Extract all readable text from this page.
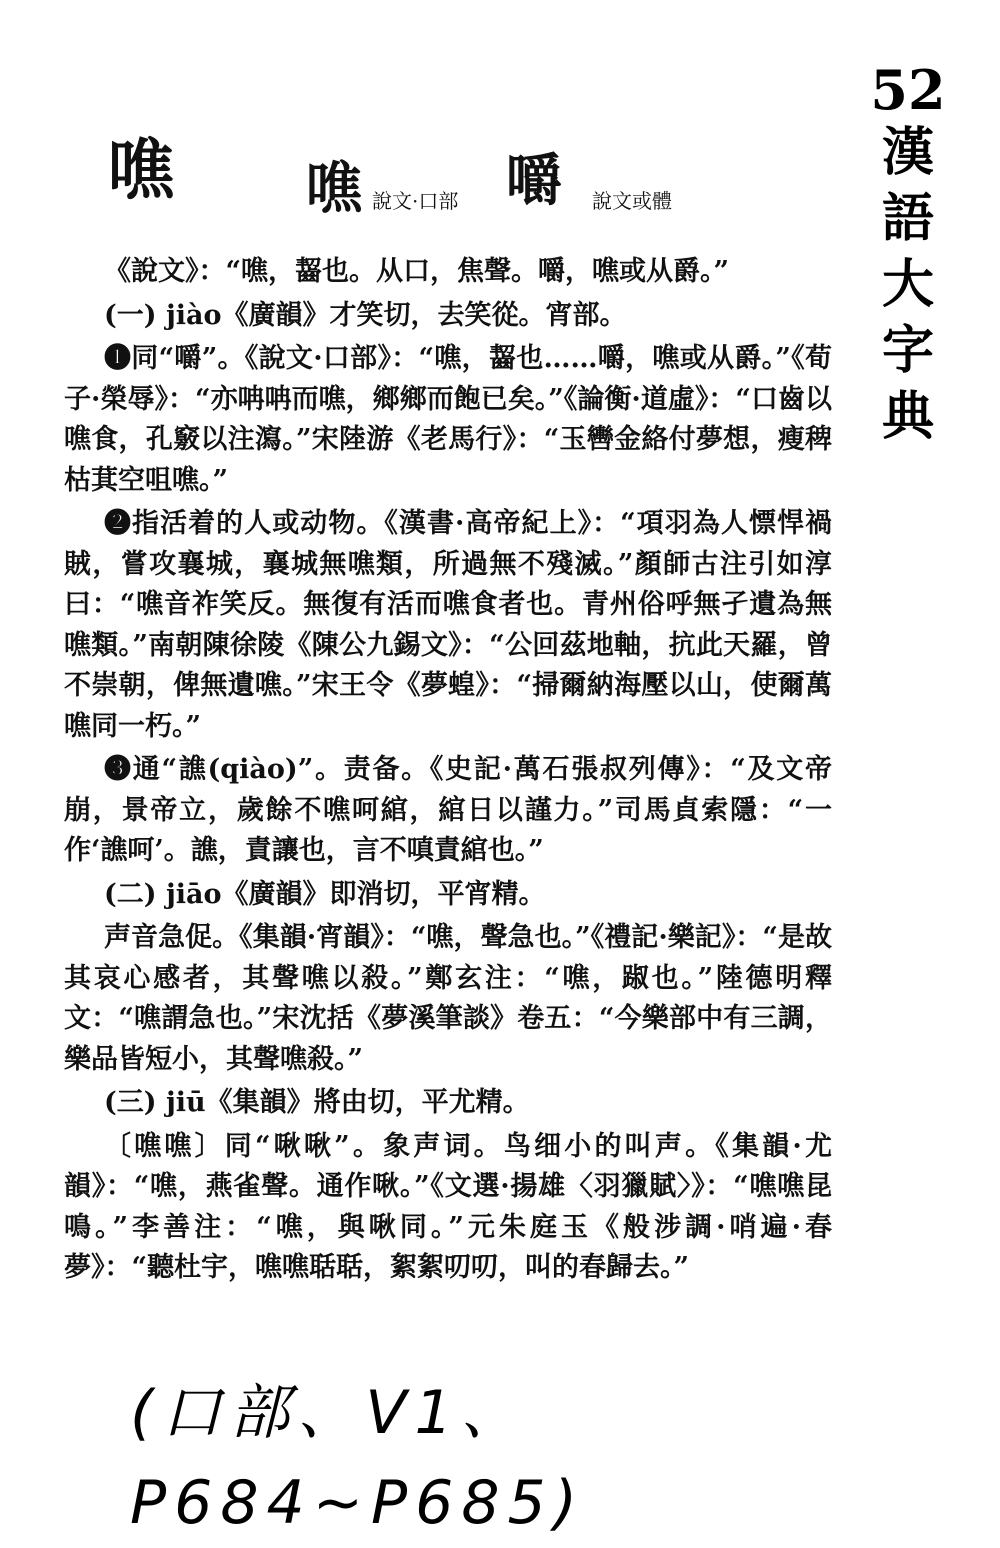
52
漢
語
大
字
典
噍 噍 說文·口部 嚼 說文或體

《說文》：“噍，齧也。从口，焦聲。嚼，噍或从爵。”

(一) jiào《廣韻》才笑切，去笑從。宵部。

❶同“嚼”。《說文·口部》：“噍，齧也……嚼，噍或从爵。”《荀子·榮辱》：“亦呥呥而噍，鄉鄉而飽已矣。”《論衡·道虛》：“口齒以噍食，孔竅以注瀉。”宋陸游《老馬行》：“玉轡金絡付夢想，瘦稗枯萁空咀噍。”

❷指活着的人或动物。《漢書·高帝紀上》：“項羽為人慓悍禍賊，嘗攻襄城，襄城無噍類，所過無不殘滅。”顏師古注引如淳曰：“噍音祚笑反。無復有活而噍食者也。青州俗呼無孑遺為無噍類。”南朝陳徐陵《陳公九錫文》：“公回茲地軸，抗此天羅，曾不崇朝，俾無遺噍。”宋王令《夢蝗》：“掃爾納海壓以山，使爾萬噍同一朽。”

❸通“譙(qiào)”。责备。《史記·萬石張叔列傳》：“及文帝崩，景帝立，歲餘不噍呵綰，綰日以謹力。”司馬貞索隱：“一作‘譙呵’。譙，責讓也，言不嗔責綰也。”

(二) jiāo《廣韻》即消切，平宵精。

声音急促。《集韻·宵韻》：“噍，聲急也。”《禮記·樂記》：“是故其哀心感者，其聲噍以殺。”鄭玄注：“噍，踧也。”陸德明釋文：“噍謂急也。”宋沈括《夢溪筆談》卷五：“今樂部中有三調，樂品皆短小，其聲噍殺。”

(三) jiū《集韻》將由切，平尤精。

〔噍噍〕同“啾啾”。象声词。鸟细小的叫声。《集韻·尤韻》：“噍，燕雀聲。通作啾。”《文選·揚雄〈羽獵賦〉》：“噍噍昆鳴。”李善注：“噍，與啾同。”元朱庭玉《般涉調·哨遍·春夢》：“聽杜宇，噍噍聒聒，絮絮叨叨，叫的春歸去。”

(口部、V1、P684~P685)
